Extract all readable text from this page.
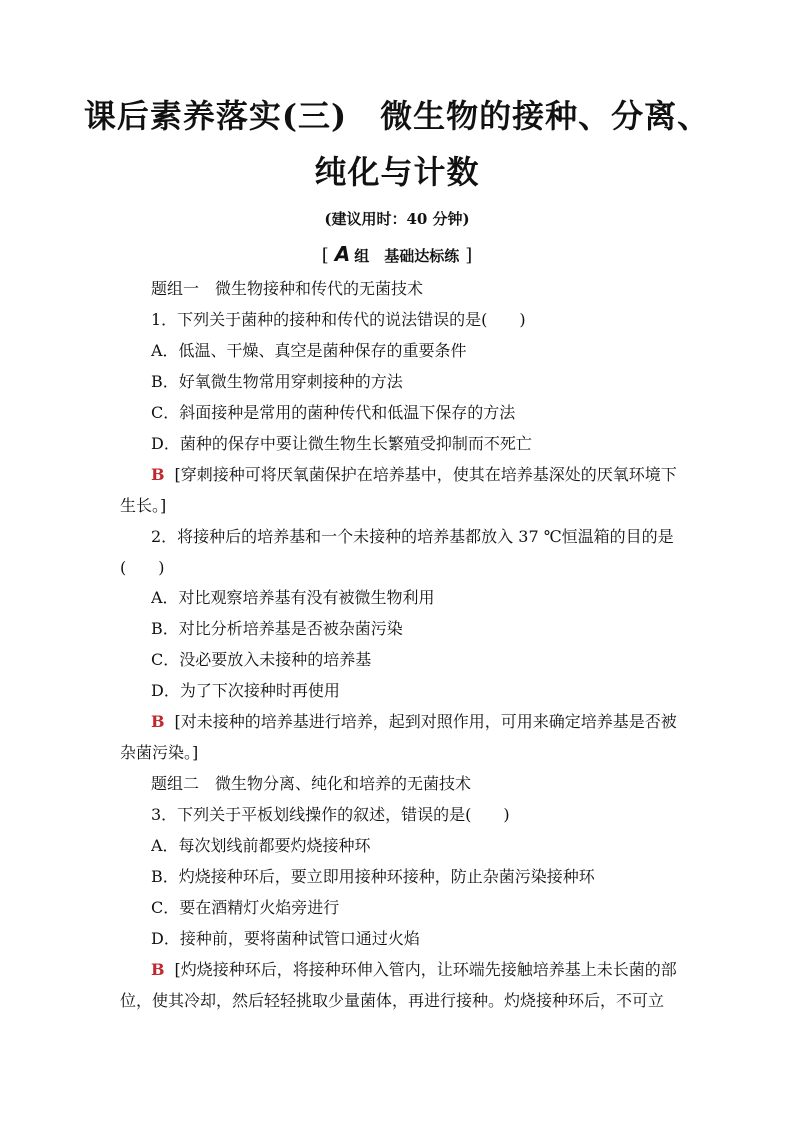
课后素养落实(三)　微生物的接种、分离、
纯化与计数
(建议用时：40 分钟)
[ A 组　基础达标练 ]
题组一　微生物接种和传代的无菌技术
1．下列关于菌种的接种和传代的说法错误的是(　　)
A．低温、干燥、真空是菌种保存的重要条件
B．好氧微生物常用穿刺接种的方法
C．斜面接种是常用的菌种传代和低温下保存的方法
D．菌种的保存中要让微生物生长繁殖受抑制而不死亡
B [穿刺接种可将厌氧菌保护在培养基中，使其在培养基深处的厌氧环境下
生长。]
2．将接种后的培养基和一个未接种的培养基都放入 37 ℃恒温箱的目的是
(　　)
A．对比观察培养基有没有被微生物利用
B．对比分析培养基是否被杂菌污染
C．没必要放入未接种的培养基
D．为了下次接种时再使用
B [对未接种的培养基进行培养，起到对照作用，可用来确定培养基是否被
杂菌污染。]
题组二　微生物分离、纯化和培养的无菌技术
3．下列关于平板划线操作的叙述，错误的是(　　)
A．每次划线前都要灼烧接种环
B．灼烧接种环后，要立即用接种环接种，防止杂菌污染接种环
C．要在酒精灯火焰旁进行
D．接种前，要将菌种试管口通过火焰
B [灼烧接种环后，将接种环伸入管内，让环端先接触培养基上未长菌的部
位，使其冷却，然后轻轻挑取少量菌体，再进行接种。灼烧接种环后，不可立
